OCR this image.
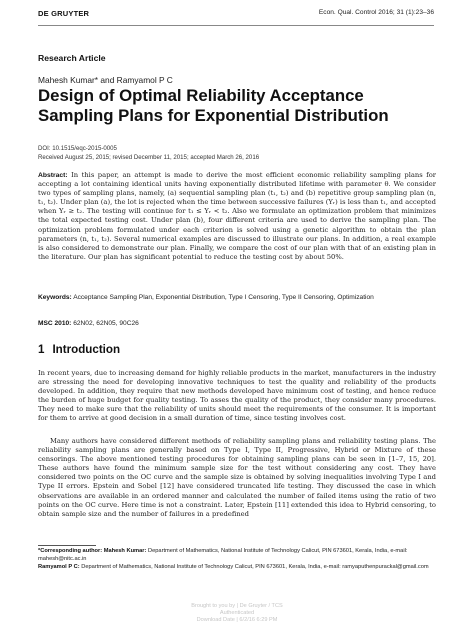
DE GRUYTER	Econ. Qual. Control 2016; 31 (1):23–36
Research Article
Mahesh Kumar* and Ramyamol P C
Design of Optimal Reliability Acceptance
Sampling Plans for Exponential Distribution
DOI: 10.1515/eqc-2015-0005
Received August 25, 2015; revised December 11, 2015; accepted March 26, 2016
Abstract: In this paper, an attempt is made to derive the most efficient economic reliability sampling plans for accepting a lot containing identical units having exponentially distributed lifetime with parameter θ. We consider two types of sampling plans, namely, (a) sequential sampling plan (t₁, t₂) and (b) repetitive group sampling plan (n, t₁, t₂). Under plan (a), the lot is rejected when the time between successive failures (Yᵣ) is less than t₁, and accepted when Yᵣ ≥ t₂. The testing will continue for t₁ ≤ Yᵣ < t₂. Also we formulate an optimization problem that minimizes the total expected testing cost. Under plan (b), four different criteria are used to derive the sampling plan. The optimization problem formulated under each criterion is solved using a genetic algorithm to obtain the plan parameters (n, t₁, t₂). Several numerical examples are discussed to illustrate our plans. In addition, a real example is also considered to demonstrate our plan. Finally, we compare the cost of our plan with that of an existing plan in the literature. Our plan has significant potential to reduce the testing cost by about 50%.
Keywords: Acceptance Sampling Plan, Exponential Distribution, Type I Censoring, Type II Censoring, Optimization
MSC 2010: 62N02, 62N05, 90C26
1 Introduction

In recent years, due to increasing demand for highly reliable products in the market, manufacturers in the industry are stressing the need for developing innovative techniques to test the quality and reliability of the products developed. In addition, they require that new methods developed have minimum cost of testing, and hence reduce the burden of huge budget for quality testing. To asses the quality of the product, they consider many procedures. They need to make sure that the reliability of units should meet the requirements of the consumer. It is important for them to arrive at good decision in a small duration of time, since testing involves cost.

Many authors have considered different methods of reliability sampling plans and reliability testing plans. The reliability sampling plans are generally based on Type I, Type II, Progressive, Hybrid or Mixture of these censorings. The above mentioned testing procedures for obtaining sampling plans can be seen in [1–7, 15, 20]. These authors have found the minimum sample size for the test without considering any cost. They have considered two points on the OC curve and the sample size is obtained by solving inequalities involving Type I and Type II errors. Epstein and Sobel [12] have considered truncated life testing. They discussed the case in which observations are available in an ordered manner and calculated the number of failed items using the ratio of two points on the OC curve. Here time is not a constraint. Later, Epstein [11] extended this idea to Hybrid censoring, to obtain sample size and the number of failures in a predefined

*Corresponding author: Mahesh Kumar: Department of Mathematics, National Institute of Technology Calicut, PIN 673601, Kerala, India, e-mail: mahesh@nitc.ac.in
Ramyamol P C: Department of Mathematics, National Institute of Technology Calicut, PIN 673601, Kerala, India, e-mail: ramyaputhenpurackal@gmail.com
Brought to you by | De Gruyter / TCS
Authenticated
Download Date | 6/2/16 6:29 PM
